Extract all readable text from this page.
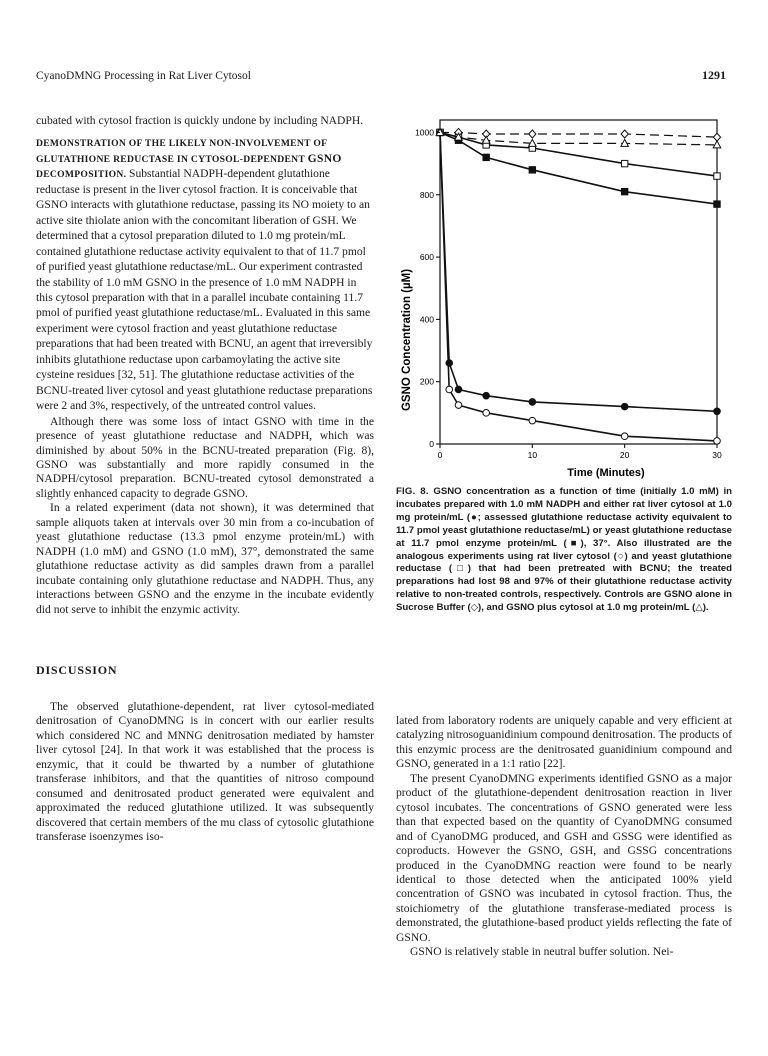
CyanoDMNG Processing in Rat Liver Cytosol	1291

cubated with cytosol fraction is quickly undone by including NADPH.

DEMONSTRATION OF THE LIKELY NON-INVOLVEMENT OF GLUTATHIONE REDUCTASE IN CYTOSOL-DEPENDENT GSNO DECOMPOSITION. Substantial NADPH-dependent glutathione reductase is present in the liver cytosol fraction. It is conceivable that GSNO interacts with glutathione reductase, passing its NO moiety to an active site thiolate anion with the concomitant liberation of GSH. We determined that a cytosol preparation diluted to 1.0 mg protein/mL contained glutathione reductase activity equivalent to that of 11.7 pmol of purified yeast glutathione reductase/mL. Our experiment contrasted the stability of 1.0 mM GSNO in the presence of 1.0 mM NADPH in this cytosol preparation with that in a parallel incubate containing 11.7 pmol of purified yeast glutathione reductase/mL. Evaluated in this same experiment were cytosol fraction and yeast glutathione reductase preparations that had been treated with BCNU, an agent that irreversibly inhibits glutathione reductase upon carbamoylating the active site cysteine residues [32, 51]. The glutathione reductase activities of the BCNU-treated liver cytosol and yeast glutathione reductase preparations were 2 and 3%, respectively, of the untreated control values.

Although there was some loss of intact GSNO with time in the presence of yeast glutathione reductase and NADPH, which was diminished by about 50% in the BCNU-treated preparation (Fig. 8), GSNO was substantially and more rapidly consumed in the NADPH/cytosol preparation. BCNU-treated cytosol demonstrated a slightly enhanced capacity to degrade GSNO.

In a related experiment (data not shown), it was determined that sample aliquots taken at intervals over 30 min from a co-incubation of yeast glutathione reductase (13.3 pmol enzyme protein/mL) with NADPH (1.0 mM) and GSNO (1.0 mM), 37°, demonstrated the same glutathione reductase activity as did samples drawn from a parallel incubate containing only glutathione reductase and NADPH. Thus, any interactions between GSNO and the enzyme in the incubate evidently did not serve to inhibit the enzymic activity.

DISCUSSION

The observed glutathione-dependent, rat liver cytosol-mediated denitrosation of CyanoDMNG is in concert with our earlier results which considered NC and MNNG denitrosation mediated by hamster liver cytosol [24]. In that work it was established that the process is enzymic, that it could be thwarted by a number of glutathione transferase inhibitors, and that the quantities of nitroso compound consumed and denitrosated product generated were equivalent and approximated the reduced glutathione utilized. It was subsequently discovered that certain members of the mu class of cytosolic glutathione transferase isoenzymes iso-

0
200
400
600
800
1000
0	10	20	30
Time (Minutes)
GSNO Concentration (µM)
FIG. 8. GSNO concentration as a function of time (initially 1.0 mM) in incubates prepared with 1.0 mM NADPH and either rat liver cytosol at 1.0 mg protein/mL (●; assessed glutathione reductase activity equivalent to 11.7 pmol yeast glutathione reductase/mL) or yeast glutathione reductase at 11.7 pmol enzyme protein/mL (■), 37°. Also illustrated are the analogous experiments using rat liver cytosol (○) and yeast glutathione reductase (□) that had been pretreated with BCNU; the treated preparations had lost 98 and 97% of their glutathione reductase activity relative to non-treated controls, respectively. Controls are GSNO alone in Sucrose Buffer (◇), and GSNO plus cytosol at 1.0 mg protein/mL (△).

lated from laboratory rodents are uniquely capable and very efficient at catalyzing nitrosoguanidinium compound denitrosation. The products of this enzymic process are the denitrosated guanidinium compound and GSNO, generated in a 1:1 ratio [22].

The present CyanoDMNG experiments identified GSNO as a major product of the glutathione-dependent denitrosation reaction in liver cytosol incubates. The concentrations of GSNO generated were less than that expected based on the quantity of CyanoDMNG consumed and of CyanoDMG produced, and GSH and GSSG were identified as coproducts. However the GSNO, GSH, and GSSG concentrations produced in the CyanoDMNG reaction were found to be nearly identical to those detected when the anticipated 100% yield concentration of GSNO was incubated in cytosol fraction. Thus, the stoichiometry of the glutathione transferase-mediated process is demonstrated, the glutathione-based product yields reflecting the fate of GSNO.

GSNO is relatively stable in neutral buffer solution. Nei-
